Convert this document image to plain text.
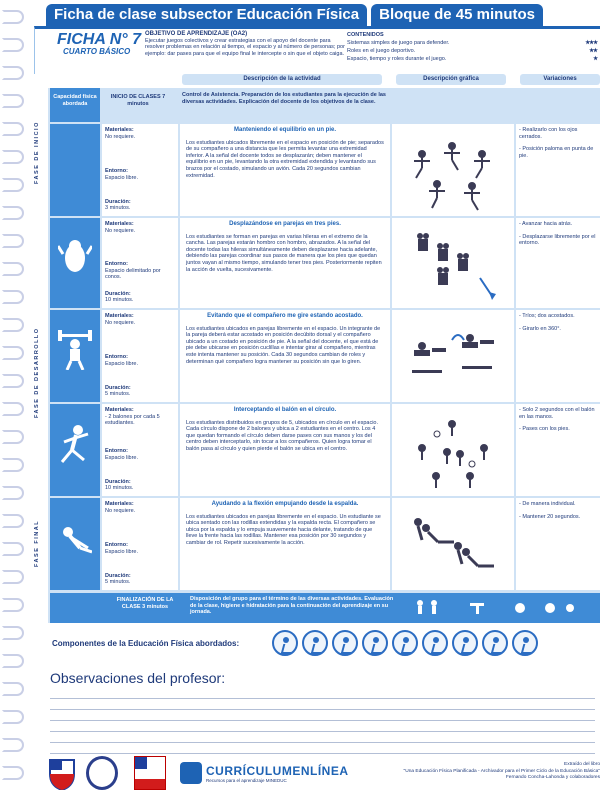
Ficha de clase subsector Educación Física	Bloque de 45 minutos
FICHA N° 7
CUARTO BÁSICO
OBJETIVO DE APRENDIZAJE (OA2)
Ejecutar juegos colectivos y crear estrategias con el apoyo del docente para resolver problemas en relación al tiempo, el espacio y al número de personas; por ejemplo: dar pases para que el equipo final le intercepte o sin que el objeto caiga.
CONTENIDOS
Sistemas simples de juego para defender.	★★★
Roles en el juego deportivo.	★★
Espacio, tiempo y roles durante el juego.	★
Descripción de la actividad	Descripción gráfica	Variaciones
FASE DE INICIO
FASE DE DESARROLLO
FASE FINAL
Capacidad física abordada
INICIO DE CLASES 7 minutos
Control de Asistencia. Preparación de los estudiantes para la ejecución de las diversas actividades. Explicación del docente de los objetivos de la clase.
Materiales:
No requiere.
Entorno:
Espacio libre.
Duración:
3 minutos.
Manteniendo el equilibrio en un pie.
Los estudiantes ubicados libremente en el espacio en posición de pie; separados de su compañero a una distancia que les permita levantar una extremidad inferior. A la señal del docente todos se desplazarán; deben mantener el equilibrio en un pie, levantando la otra extremidad extendida y levantando sus brazos por el costado, simulando un avión. Cada 20 segundos cambian extremidad.
- Realizarlo con los ojos cerrados.
- Posición paloma en punta de pie.
Materiales:
No requiere.
Entorno:
Espacio delimitado por conos.
Duración:
10 minutos.
Desplazándose en parejas en tres pies.
Los estudiantes se forman en parejas en varias hileras en el extremo de la cancha. Las parejas estarán hombro con hombro, abrazados. A la señal del docente todas las hileras simultáneamente deben desplazarse hacia adelante, debiendo las parejas coordinar sus pasos de manera que los pies que quedan juntos vayan al mismo tiempo, simulando tener tres pies. Posteriormente repiten la acción de vuelta, sucesivamente.
- Avanzar hacia atrás.
- Desplazarse libremente por el entorno.
Materiales:
No requiere.
Entorno:
Espacio libre.
Duración:
5 minutos.
Evitando que el compañero me gire estando acostado.
Los estudiantes ubicados en parejas libremente en el espacio. Un integrante de la pareja deberá estar acostado en posición decúbito dorsal y el compañero ubicado a un costado en posición de pie. A la señal del docente, el que está de pie debe ubicarse en posición cuclillas e intentar girar al compañero, mientras este intenta mantener su posición. Cada 30 segundos cambian de roles y determinan qué compañero logra mantener su posición sin que lo giren.
- Tríos; dos acostados.
- Girarlo en 360°.
Materiales:
- 2 balones por cada 5 estudiantes.
Entorno:
Espacio libre.
Duración:
10 minutos.
Interceptando el balón en el círculo.
Los estudiantes distribuidos en grupos de 5, ubicados en círculo en el espacio. Cada círculo dispone de 2 balones y ubica a 2 estudiantes en el centro. Los 4 que quedan formando el círculo deben darse pases con sus manos y los del centro deben interceptarlo, sin tocar a los compañeros. Quien logra tomar el balón pasa al círculo y quien pierde el balón se ubica en el centro.
- Solo 2 segundos con el balón en las manos.
- Pases con los pies.
Materiales:
No requiere.
Entorno:
Espacio libre.
Duración:
5 minutos.
Ayudando a la flexión empujando desde la espalda.
Los estudiantes ubicados en parejas libremente en el espacio. Un estudiante se ubica sentado con las rodillas extendidas y la espalda recta. El compañero se ubica por la espalda y lo empuja suavemente hacia delante, tratando de que lleve la frente hacia las rodillas. Mantener esa posición por 30 segundos y cambiar de rol. Repetir sucesivamente la acción.
- De manera individual.
- Mantener 20 segundos.
FINALIZACIÓN DE LA CLASE 3 minutos
Disposición del grupo para el término de las diversas actividades. Evaluación de la clase, higiene e hidratación para la continuación del aprendizaje en su jornada.
Componentes de la Educación Física abordados:
Observaciones del profesor:
CURRÍCULUMENLÍNEA
Recursos para el aprendizaje MINEDUC
Extraído del libro
"Una Educación Física Planificada - Archivador para el Primer Ciclo de la Educación Básica"
Fernando Concha-Lahonda y colaboradores
